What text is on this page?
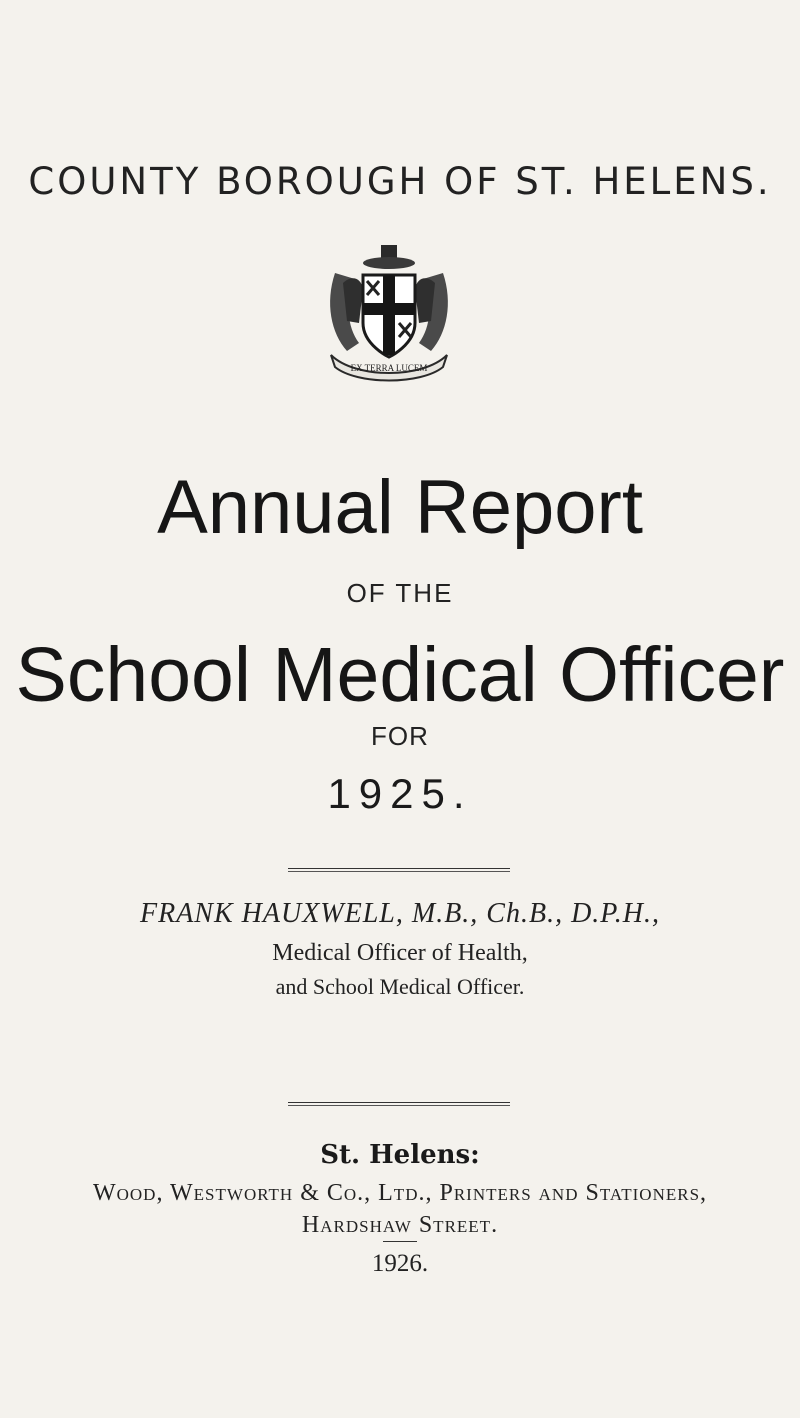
COUNTY BOROUGH OF ST. HELENS.
EX TERRA LUCEM
Annual Report
OF THE
School Medical Officer
FOR
1925.
FRANK HAUXWELL, M.B., Ch.B., D.P.H.,
Medical Officer of Health,
and School Medical Officer.
St. Helens:
Wood, Westworth & Co., Ltd., Printers and Stationers,
Hardshaw Street.
1926.
